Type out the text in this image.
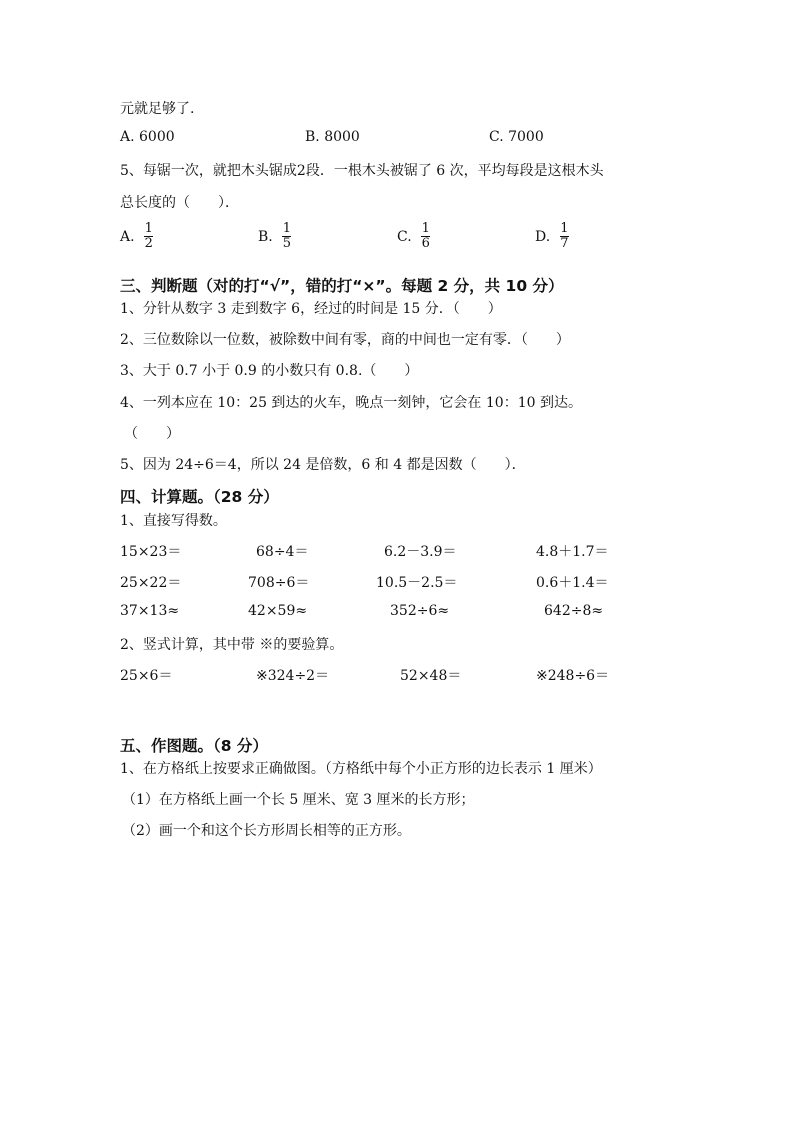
元就足够了.
A. 6000	B. 8000	C. 7000
5、每锯一次，就把木头锯成2段．一根木头被锯了 6 次，平均每段是这根木头
总长度的（　　）．
A. $\frac{1}{2}$	B. $\frac{1}{5}$	C. $\frac{1}{6}$	D. $\frac{1}{7}$
三、判断题（对的打“√”，错的打“×”。每题 2 分，共 10 分）
1、分针从数字 3 走到数字 6，经过的时间是 15 分．（　　）
2、三位数除以一位数，被除数中间有零，商的中间也一定有零．（　　）
3、大于 0.7 小于 0.9 的小数只有 0.8.（　　）
4、一列本应在 10：25 到达的火车，晚点一刻钟，它会在 10：10 到达。
（　　）
5、因为 24÷6＝4，所以 24 是倍数，6 和 4 都是因数（　　）．
四、计算题。（28 分）
1、直接写得数。
15×23＝	68÷4＝	6.2－3.9＝	4.8＋1.7＝
25×22＝	708÷6＝	10.5－2.5＝	0.6＋1.4＝
37×13≈	42×59≈	352÷6≈	642÷8≈
2、竖式计算，其中带 ※的要验算。
25×6＝	※324÷2＝	52×48＝	※248÷6＝
五、作图题。（8 分）
1、在方格纸上按要求正确做图。（方格纸中每个小正方形的边长表示 1 厘米）
（1）在方格纸上画一个长 5 厘米、宽 3 厘米的长方形；
（2）画一个和这个长方形周长相等的正方形。
